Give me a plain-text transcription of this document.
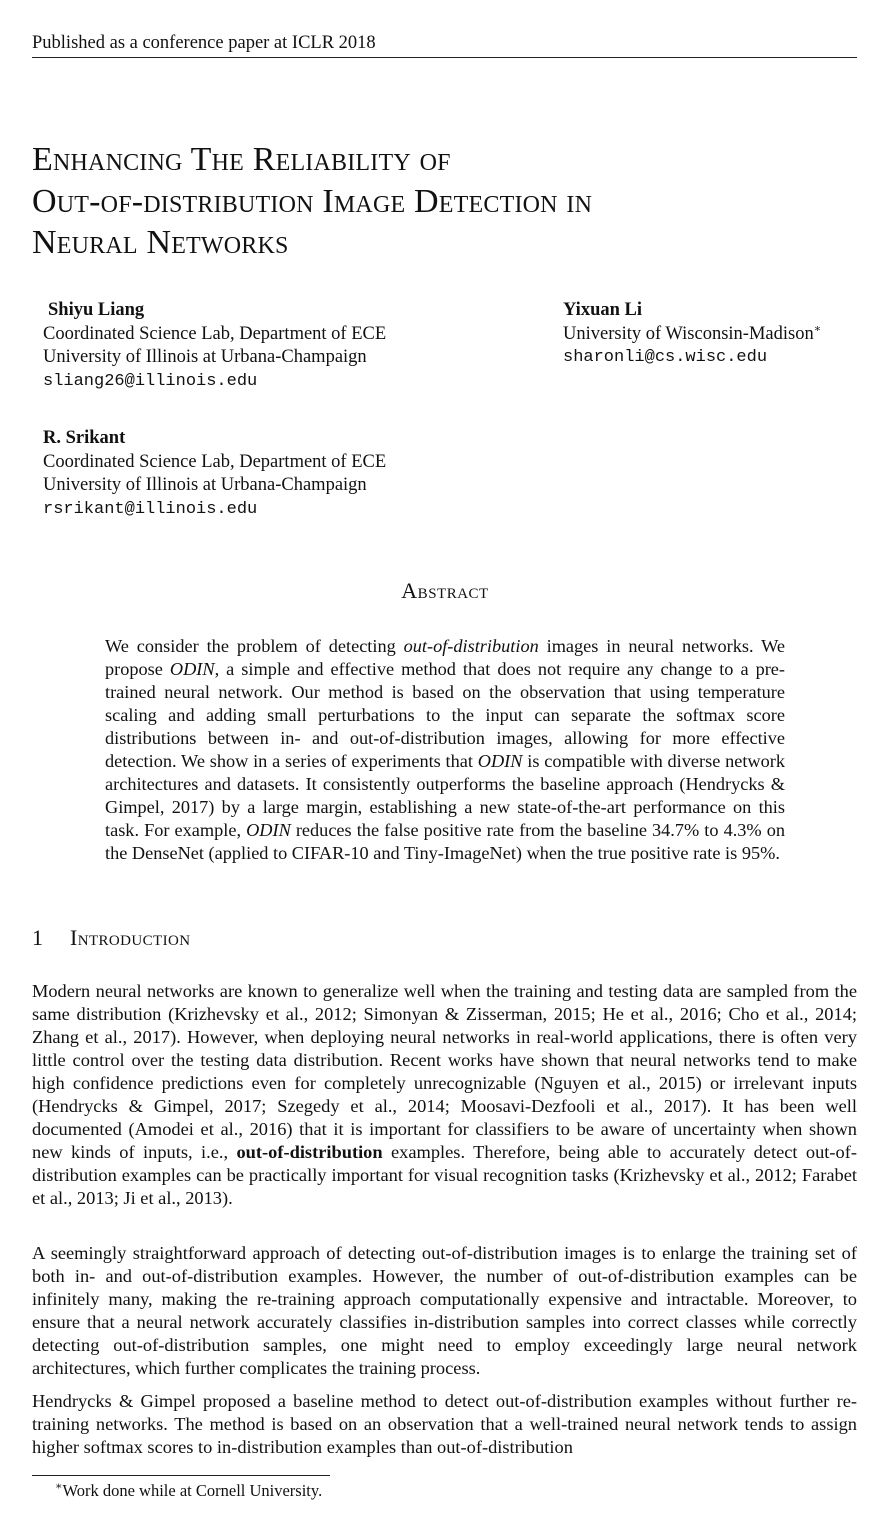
Published as a conference paper at ICLR 2018
Enhancing The Reliability of
Out-of-distribution Image Detection in
Neural Networks
Shiyu Liang
Coordinated Science Lab, Department of ECE
University of Illinois at Urbana-Champaign
sliang26@illinois.edu
Yixuan Li
University of Wisconsin-Madison∗
sharonli@cs.wisc.edu
R. Srikant
Coordinated Science Lab, Department of ECE
University of Illinois at Urbana-Champaign
rsrikant@illinois.edu
Abstract
We consider the problem of detecting out-of-distribution images in neural networks. We propose ODIN, a simple and effective method that does not require any change to a pre-trained neural network. Our method is based on the observation that using temperature scaling and adding small perturbations to the input can separate the softmax score distributions between in- and out-of-distribution images, allowing for more effective detection. We show in a series of experiments that ODIN is compatible with diverse network architectures and datasets. It consistently outperforms the baseline approach (Hendrycks & Gimpel, 2017) by a large margin, establishing a new state-of-the-art performance on this task. For example, ODIN reduces the false positive rate from the baseline 34.7% to 4.3% on the DenseNet (applied to CIFAR-10 and Tiny-ImageNet) when the true positive rate is 95%.
1 Introduction
Modern neural networks are known to generalize well when the training and testing data are sampled from the same distribution (Krizhevsky et al., 2012; Simonyan & Zisserman, 2015; He et al., 2016; Cho et al., 2014; Zhang et al., 2017). However, when deploying neural networks in real-world applications, there is often very little control over the testing data distribution. Recent works have shown that neural networks tend to make high confidence predictions even for completely unrecognizable (Nguyen et al., 2015) or irrelevant inputs (Hendrycks & Gimpel, 2017; Szegedy et al., 2014; Moosavi-Dezfooli et al., 2017). It has been well documented (Amodei et al., 2016) that it is important for classifiers to be aware of uncertainty when shown new kinds of inputs, i.e., out-of-distribution examples. Therefore, being able to accurately detect out-of-distribution examples can be practically important for visual recognition tasks (Krizhevsky et al., 2012; Farabet et al., 2013; Ji et al., 2013).
A seemingly straightforward approach of detecting out-of-distribution images is to enlarge the training set of both in- and out-of-distribution examples. However, the number of out-of-distribution examples can be infinitely many, making the re-training approach computationally expensive and intractable. Moreover, to ensure that a neural network accurately classifies in-distribution samples into correct classes while correctly detecting out-of-distribution samples, one might need to employ exceedingly large neural network architectures, which further complicates the training process.
Hendrycks & Gimpel proposed a baseline method to detect out-of-distribution examples without further re-training networks. The method is based on an observation that a well-trained neural network tends to assign higher softmax scores to in-distribution examples than out-of-distribution
∗Work done while at Cornell University.
